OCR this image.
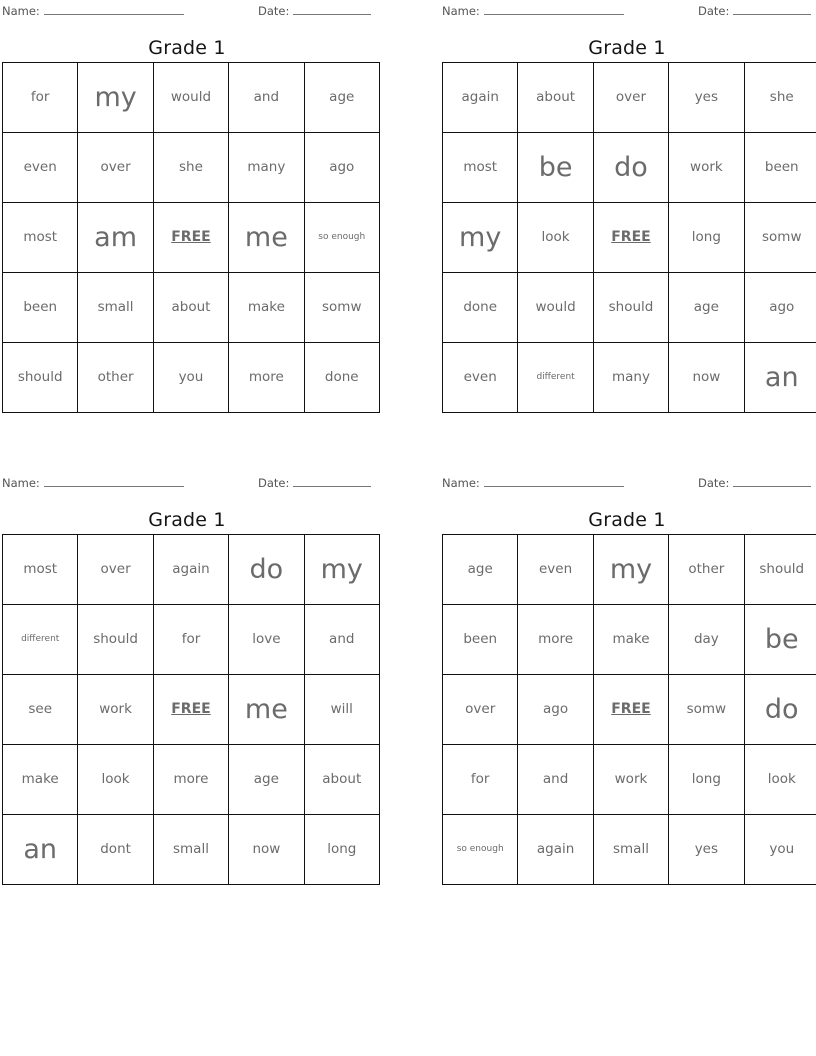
Name:	Date:
Grade 1
for	my	would	and	age
even	over	she	many	ago
most	am	FREE	me	so enough
been	small	about	make	somw
should	other	you	more	done
Name:	Date:
Grade 1
again	about	over	yes	she
most	be	do	work	been
my	look	FREE	long	somw
done	would	should	age	ago
even	different	many	now	an
Name:	Date:
Grade 1
most	over	again	do	my
different	should	for	love	and
see	work	FREE	me	will
make	look	more	age	about
an	dont	small	now	long
Name:	Date:
Grade 1
age	even	my	other	should
been	more	make	day	be
over	ago	FREE	somw	do
for	and	work	long	look
so enough	again	small	yes	you
